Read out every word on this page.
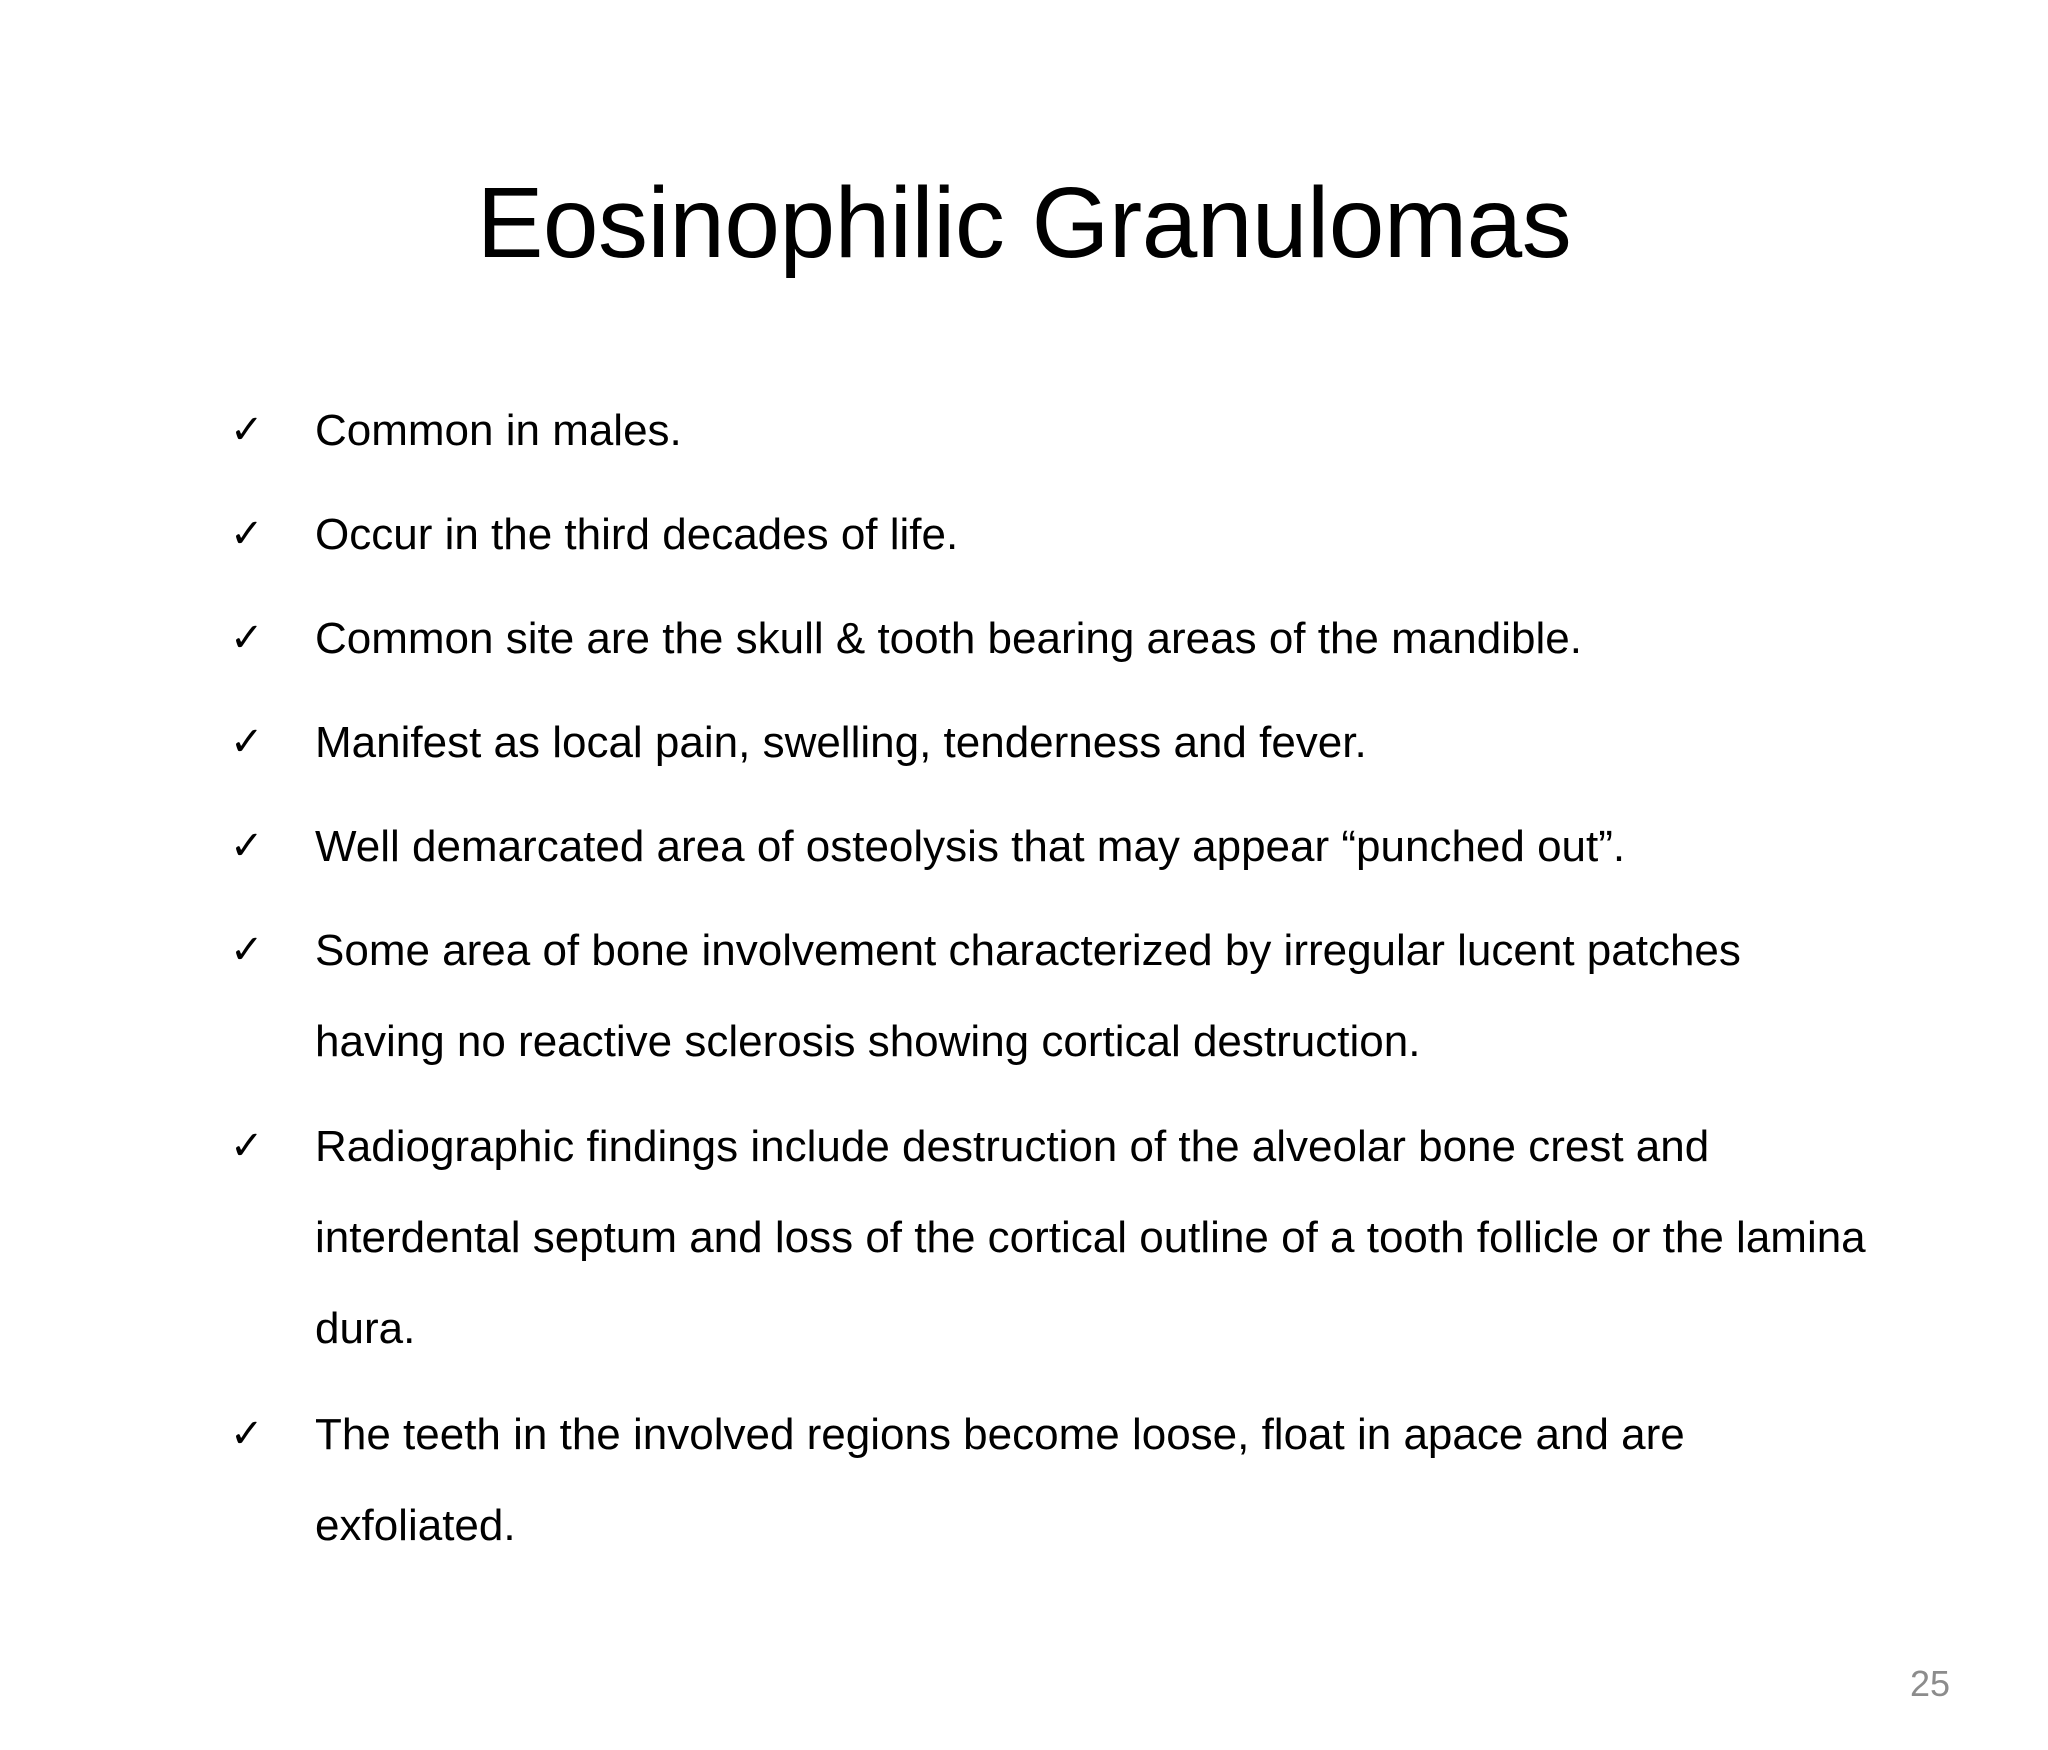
Eosinophilic Granulomas
✓ Common in males.
✓ Occur in the third decades of life.
✓ Common site are the skull & tooth bearing areas of the mandible.
✓ Manifest as local pain, swelling, tenderness and fever.
✓ Well demarcated area of osteolysis that may appear “punched out”.
✓ Some area of bone involvement characterized by irregular lucent patches having no reactive sclerosis showing cortical destruction.
✓ Radiographic findings include destruction of the alveolar bone crest and interdental septum and loss of the cortical outline of a tooth follicle or the lamina dura.
✓ The teeth in the involved regions become loose, float in apace and are exfoliated.
25
